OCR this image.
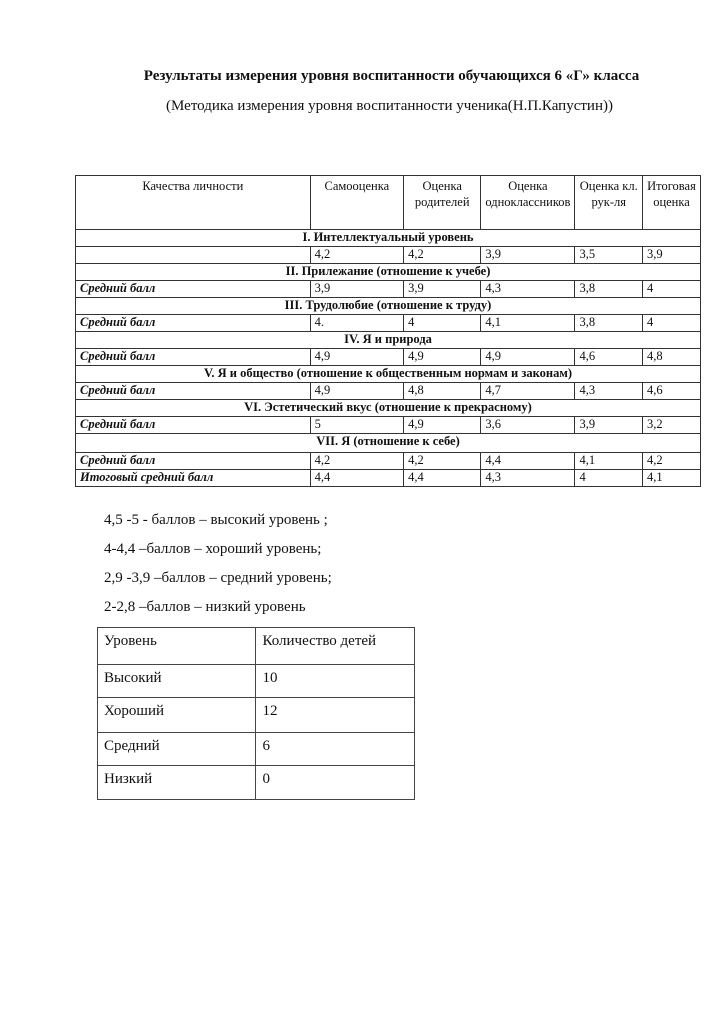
Результаты измерения уровня воспитанности обучающихся 6 «Г» класса
(Методика измерения уровня воспитанности ученика(Н.П.Капустин))
Качества личности	Самооценка	Оценка родителей	Оценка одноклассников	Оценка кл. рук-ля	Итоговая оценка
I. Интеллектуальный уровень					
	4,2	4,2	3,9	3,5	3,9
II. Прилежание (отношение к учебе)					
Средний балл	3,9	3,9	4,3	3,8	4
III. Трудолюбие (отношение к труду)					
Средний балл	4.	4	4,1	3,8	4
IV. Я и природа					
Средний балл	4,9	4,9	4,9	4,6	4,8
V. Я и общество (отношение к общественным нормам и законам)					
Средний балл	4,9	4,8	4,7	4,3	4,6
VI. Эстетический вкус (отношение к прекрасному)					
Средний балл	5	4,9	3,6	3,9	3,2
VII. Я (отношение к себе)					
Средний балл	4,2	4,2	4,4	4,1	4,2
Итоговый средний балл	4,4	4,4	4,3	4	4,1
4,5 -5 - баллов – высокий уровень ;
4-4,4 –баллов – хороший уровень;
2,9 -3,9 –баллов – средний уровень;
2-2,8 –баллов – низкий уровень
Уровень	Количество детей
Высокий	10
Хороший	12
Средний	6
Низкий	0
